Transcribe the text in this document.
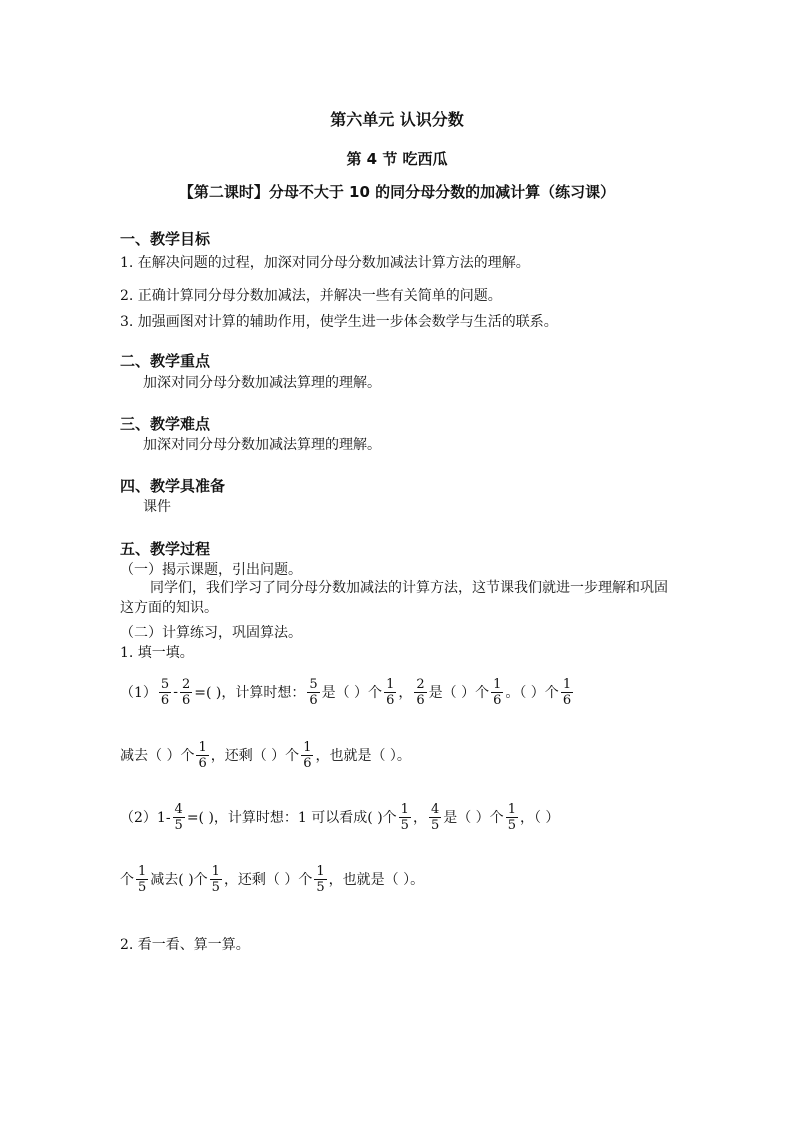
第六单元 认识分数
第 4 节 吃西瓜
【第二课时】分母不大于 10 的同分母分数的加减计算（练习课）
一、教学目标
1. 在解决问题的过程，加深对同分母分数加减法计算方法的理解。
2. 正确计算同分母分数加减法，并解决一些有关简单的问题。
3. 加强画图对计算的辅助作用，使学生进一步体会数学与生活的联系。
二、教学重点
加深对同分母分数加减法算理的理解。
三、教学难点
加深对同分母分数加减法算理的理解。
四、教学具准备
课件
五、教学过程
（一）揭示课题，引出问题。
同学们，我们学习了同分母分数加减法的计算方法，这节课我们就进一步理解和巩固这方面的知识。
（二）计算练习，巩固算法。
1. 填一填。
$(1) \frac{5}{6} - \frac{2}{6}$ =( )，计算时想： $\frac{5}{6}$ 是（ ）个 $\frac{1}{6}$ ， $\frac{2}{6}$ 是（ ）个 $\frac{1}{6}$ 。（ ）个 $\frac{1}{6}$
减去（ ）个 $\frac{1}{6}$ ，还剩（ ）个 $\frac{1}{6}$ ，也就是（ ）。
$(2)1- \frac{4}{5}$ =( )，计算时想：1 可以看成( )个 $\frac{1}{5}$ ， $\frac{4}{5}$ 是（ ）个 $\frac{1}{5}$ ，（ ）
个 $\frac{1}{5}$ 减去( )个 $\frac{1}{5}$ ，还剩（ ）个 $\frac{1}{5}$ ，也就是（ ）。
2. 看一看、算一算。
